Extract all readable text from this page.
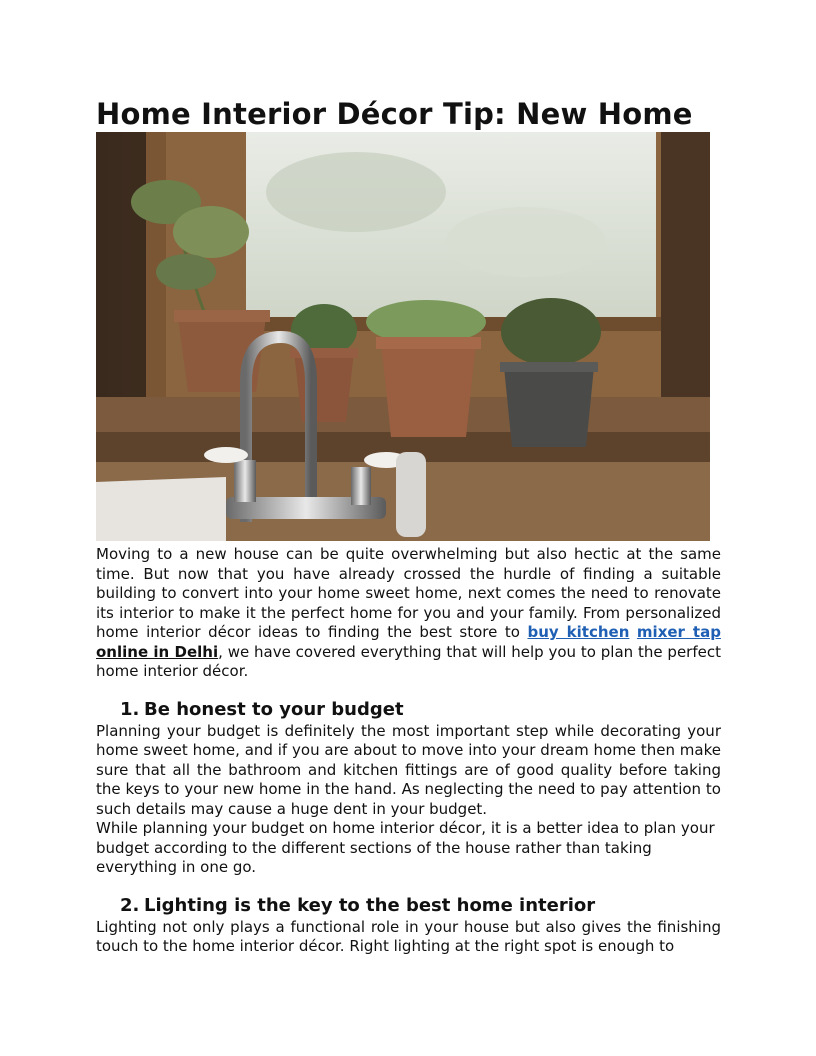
Home Interior Décor Tip: New Home

Moving to a new house can be quite overwhelming but also hectic at the same time. But now that you have already crossed the hurdle of finding a suitable building to convert into your home sweet home, next comes the need to renovate its interior to make it the perfect home for you and your family. From personalized home interior décor ideas to finding the best store to buy kitchen mixer tap online in Delhi, we have covered everything that will help you to plan the perfect home interior décor.

1. Be honest to your budget

Planning your budget is definitely the most important step while decorating your home sweet home, and if you are about to move into your dream home then make sure that all the bathroom and kitchen fittings are of good quality before taking the keys to your new home in the hand. As neglecting the need to pay attention to such details may cause a huge dent in your budget.

While planning your budget on home interior décor, it is a better idea to plan your

budget according to the different sections of the house rather than taking everything in one go.

2. Lighting is the key to the best home interior

Lighting not only plays a functional role in your house but also gives the finishing touch to the home interior décor. Right lighting at the right spot is enough to
